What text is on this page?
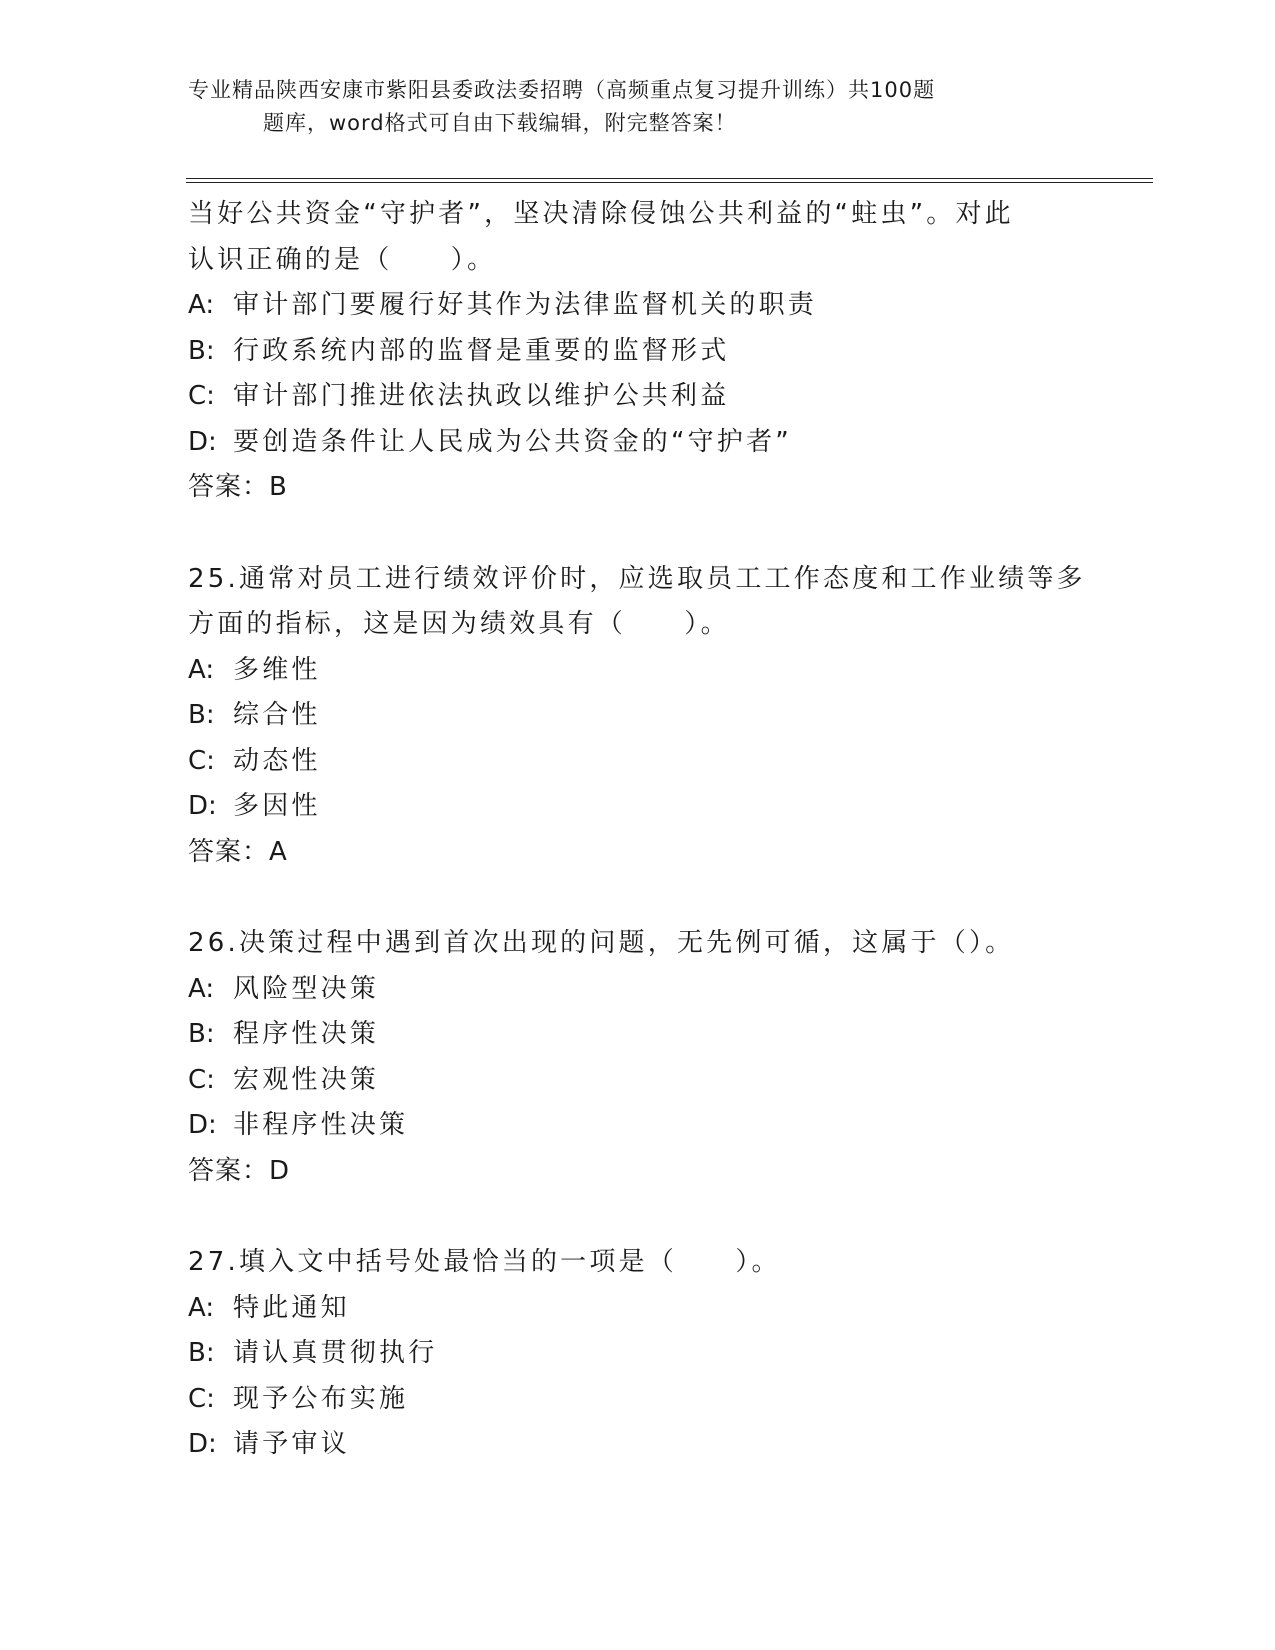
专业精品陕西安康市紫阳县委政法委招聘（高频重点复习提升训练）共100题
题库，word格式可自由下载编辑，附完整答案！
当好公共资金“守护者”，坚决清除侵蚀公共利益的“蛀虫”。对此
认识正确的是（　　）。
A: 审计部门要履行好其作为法律监督机关的职责
B: 行政系统内部的监督是重要的监督形式
C: 审计部门推进依法执政以维护公共利益
D: 要创造条件让人民成为公共资金的“守护者”
答案：B
25.通常对员工进行绩效评价时，应选取员工工作态度和工作业绩等多
方面的指标，这是因为绩效具有（　　）。
A: 多维性
B: 综合性
C: 动态性
D: 多因性
答案：A
26.决策过程中遇到首次出现的问题，无先例可循，这属于（）。
A: 风险型决策
B: 程序性决策
C: 宏观性决策
D: 非程序性决策
答案：D
27.填入文中括号处最恰当的一项是（　　）。
A: 特此通知
B: 请认真贯彻执行
C: 现予公布实施
D: 请予审议
